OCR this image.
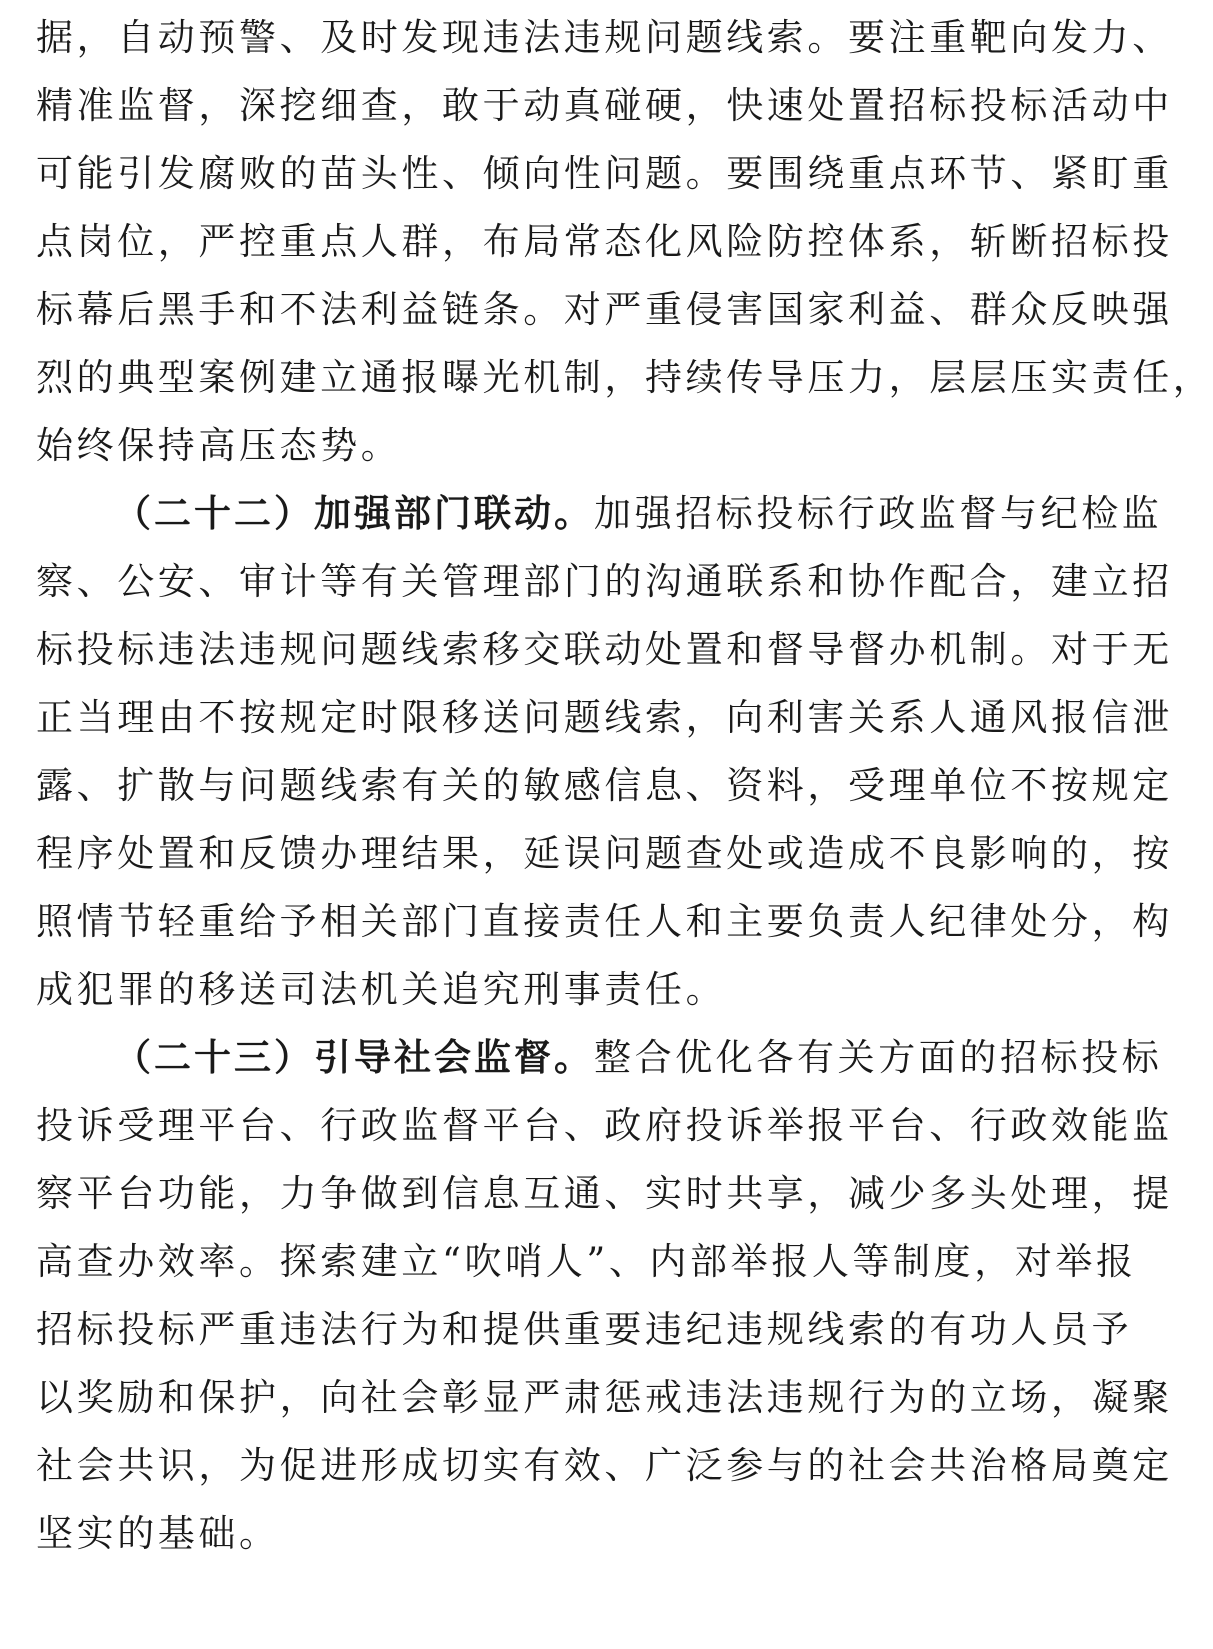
据，自动预警、及时发现违法违规问题线索。要注重靶向发力、
精准监督，深挖细查，敢于动真碰硬，快速处置招标投标活动中
可能引发腐败的苗头性、倾向性问题。要围绕重点环节、紧盯重
点岗位，严控重点人群，布局常态化风险防控体系，斩断招标投
标幕后黑手和不法利益链条。对严重侵害国家利益、群众反映强
烈的典型案例建立通报曝光机制，持续传导压力，层层压实责任，
始终保持高压态势。
（二十二）加强部门联动。加强招标投标行政监督与纪检监
察、公安、审计等有关管理部门的沟通联系和协作配合，建立招
标投标违法违规问题线索移交联动处置和督导督办机制。对于无
正当理由不按规定时限移送问题线索，向利害关系人通风报信泄
露、扩散与问题线索有关的敏感信息、资料，受理单位不按规定
程序处置和反馈办理结果，延误问题查处或造成不良影响的，按
照情节轻重给予相关部门直接责任人和主要负责人纪律处分，构
成犯罪的移送司法机关追究刑事责任。
（二十三）引导社会监督。整合优化各有关方面的招标投标
投诉受理平台、行政监督平台、政府投诉举报平台、行政效能监
察平台功能，力争做到信息互通、实时共享，减少多头处理，提
高查办效率。探索建立“吹哨人”、内部举报人等制度，对举报
招标投标严重违法行为和提供重要违纪违规线索的有功人员予
以奖励和保护，向社会彰显严肃惩戒违法违规行为的立场，凝聚
社会共识，为促进形成切实有效、广泛参与的社会共治格局奠定
坚实的基础。
